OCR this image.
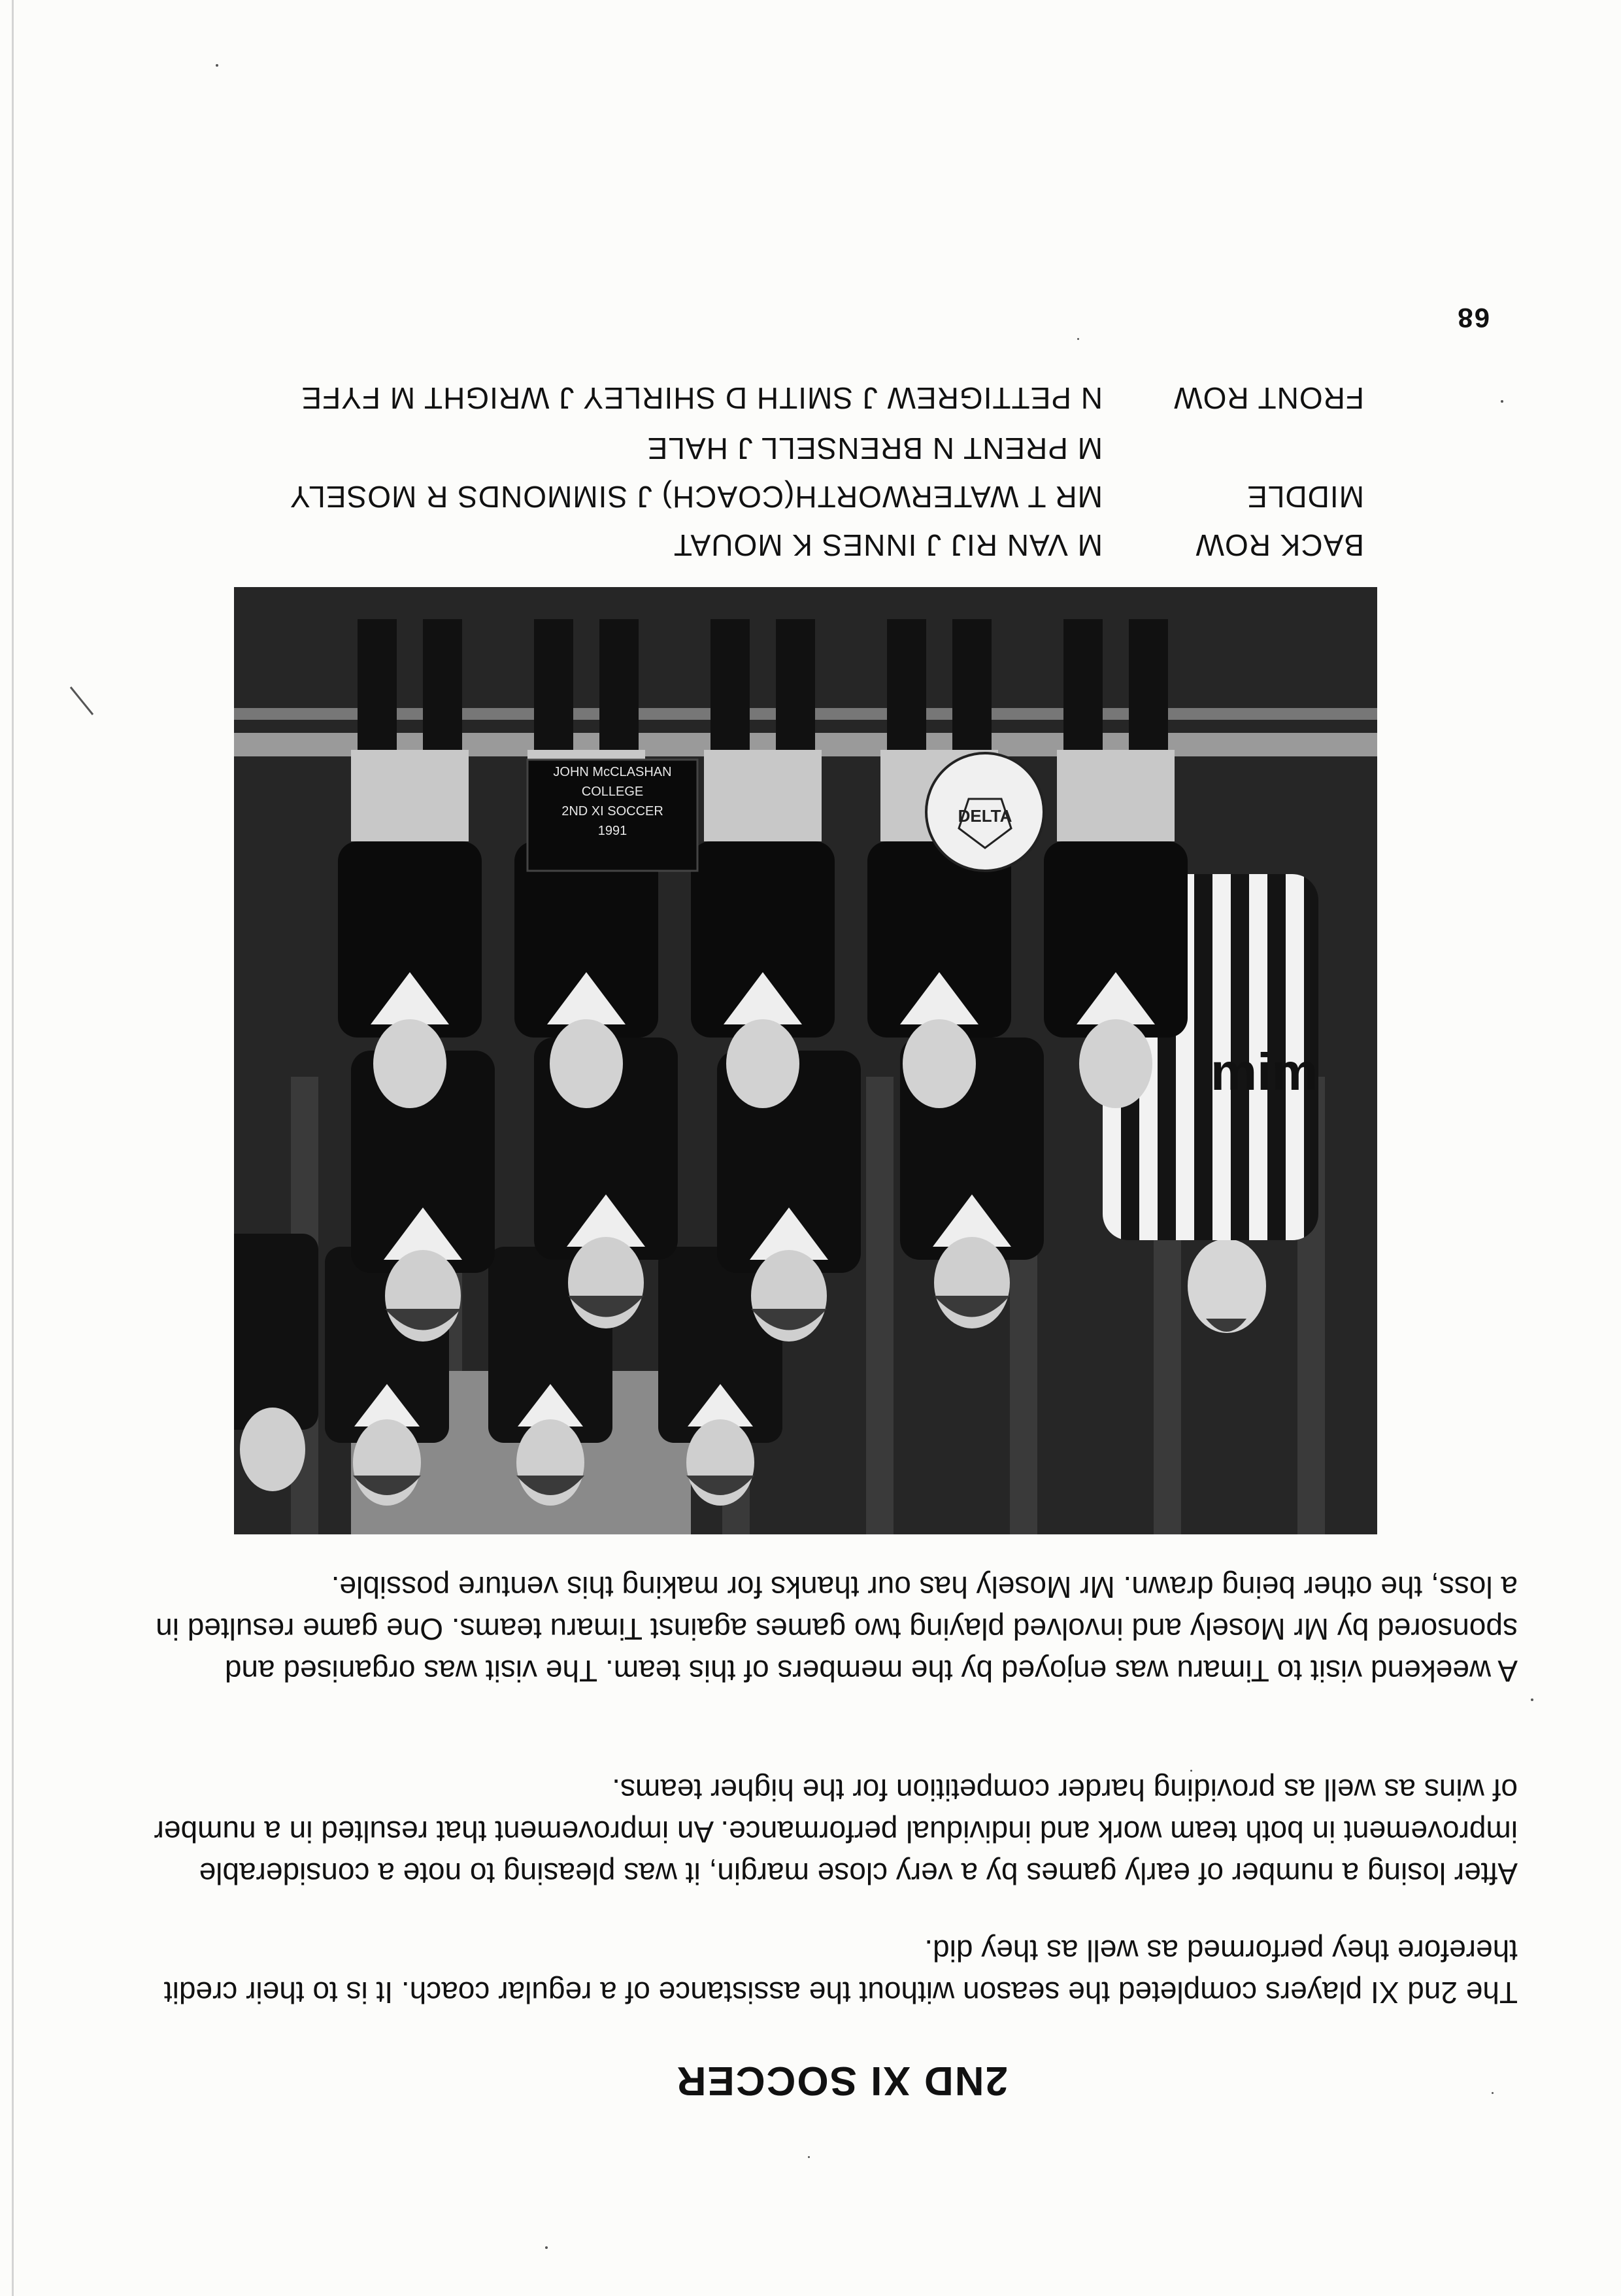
68
FRONT ROW
N PETTIGREW J SMITH D SHIRLEY J WRIGHT M FYFE
M PRENT N BRENSELL J HALE
MIDDLE
MR T WATERWORTH(COACH) J SIMMONDS R MOSELY
BACK ROW
M VAN RIJ J INNES K MOUAT
mim
JOHN McCLASHAN
COLLEGE
2ND XI SOCCER
1991
DELTA
2ND XI SOCCER

The 2nd XI players completed the season without the assistance of a regular coach. It is to their credit therefore they performed as well as they did.

After losing a number of early games by a very close margin, it was pleasing to note a considerable improvement in both team work and individual performance. An improvement that resulted in a number of wins as well as providing harder competition for the higher teams.

A weekend visit to Timaru was enjoyed by the members of this team. The visit was organised and sponsored by Mr Mosely and involved playing two games against Timaru teams. One game resulted in a loss, the other being drawn. Mr Mosely has our thanks for making this venture possible.
